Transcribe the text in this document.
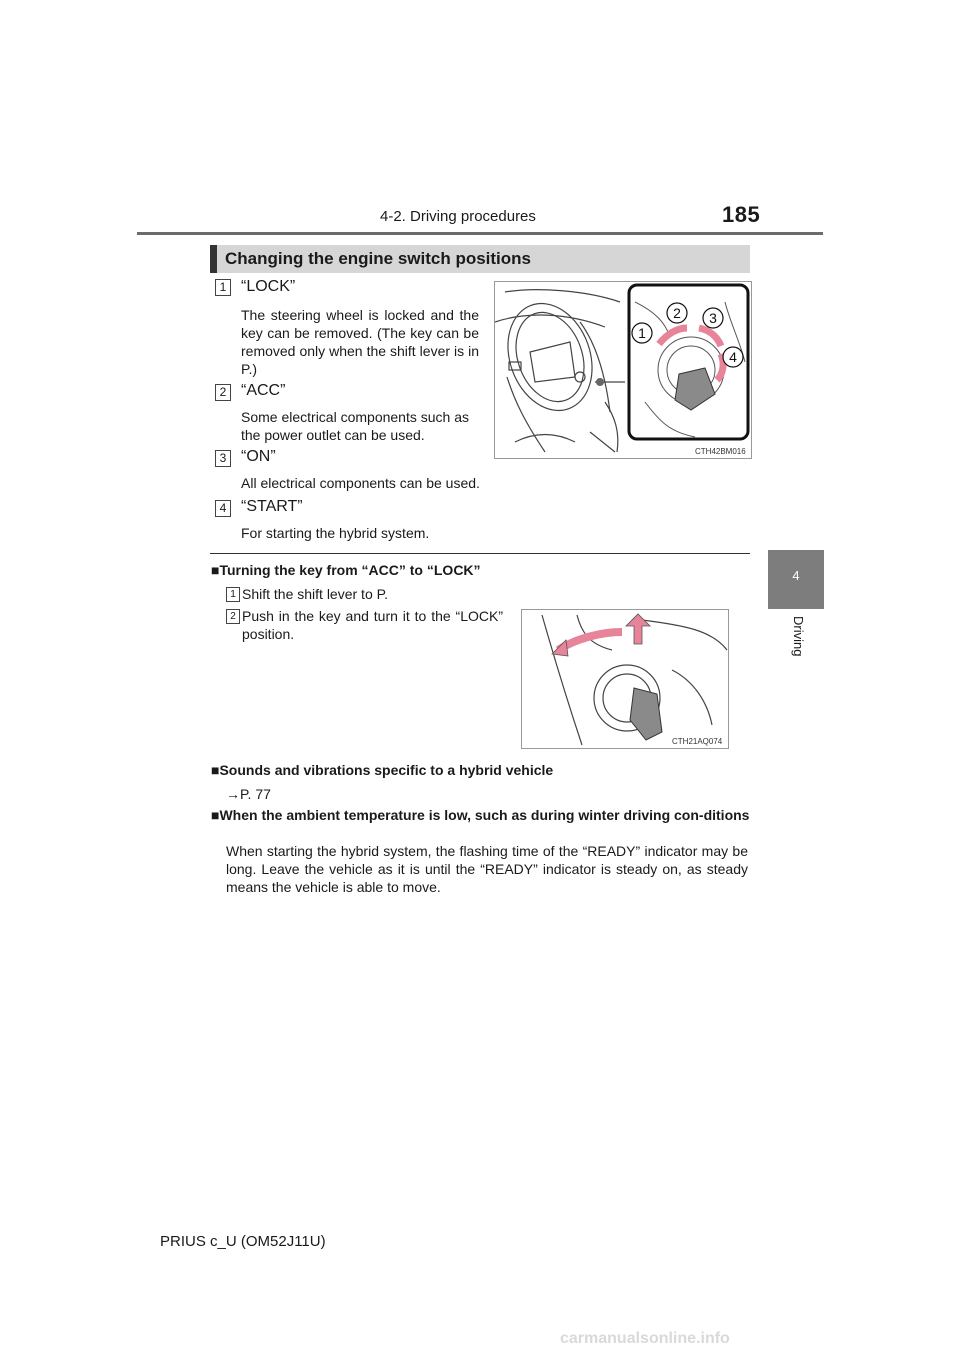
4-2. Driving procedures	185
4
Driving
Changing the engine switch positions
1 “LOCK”
The steering wheel is locked and the key can be removed. (The key can be removed only when the shift lever is in P.)
2 “ACC”
Some electrical components such as the power outlet can be used.
3 “ON”
All electrical components can be used.
4 “START”
For starting the hybrid system.
1
2 3
4
CTH42BM016
■Turning the key from “ACC” to “LOCK”
1 Shift the shift lever to P.
2 Push in the key and turn it to the “LOCK” position.
CTH21AQ074
■Sounds and vibrations specific to a hybrid vehicle
→P. 77
■When the ambient temperature is low, such as during winter driving con-ditions
When starting the hybrid system, the flashing time of the “READY” indicator may be long. Leave the vehicle as it is until the “READY” indicator is steady on, as steady means the vehicle is able to move.
PRIUS c_U (OM52J11U)
carmanualsonline.info
